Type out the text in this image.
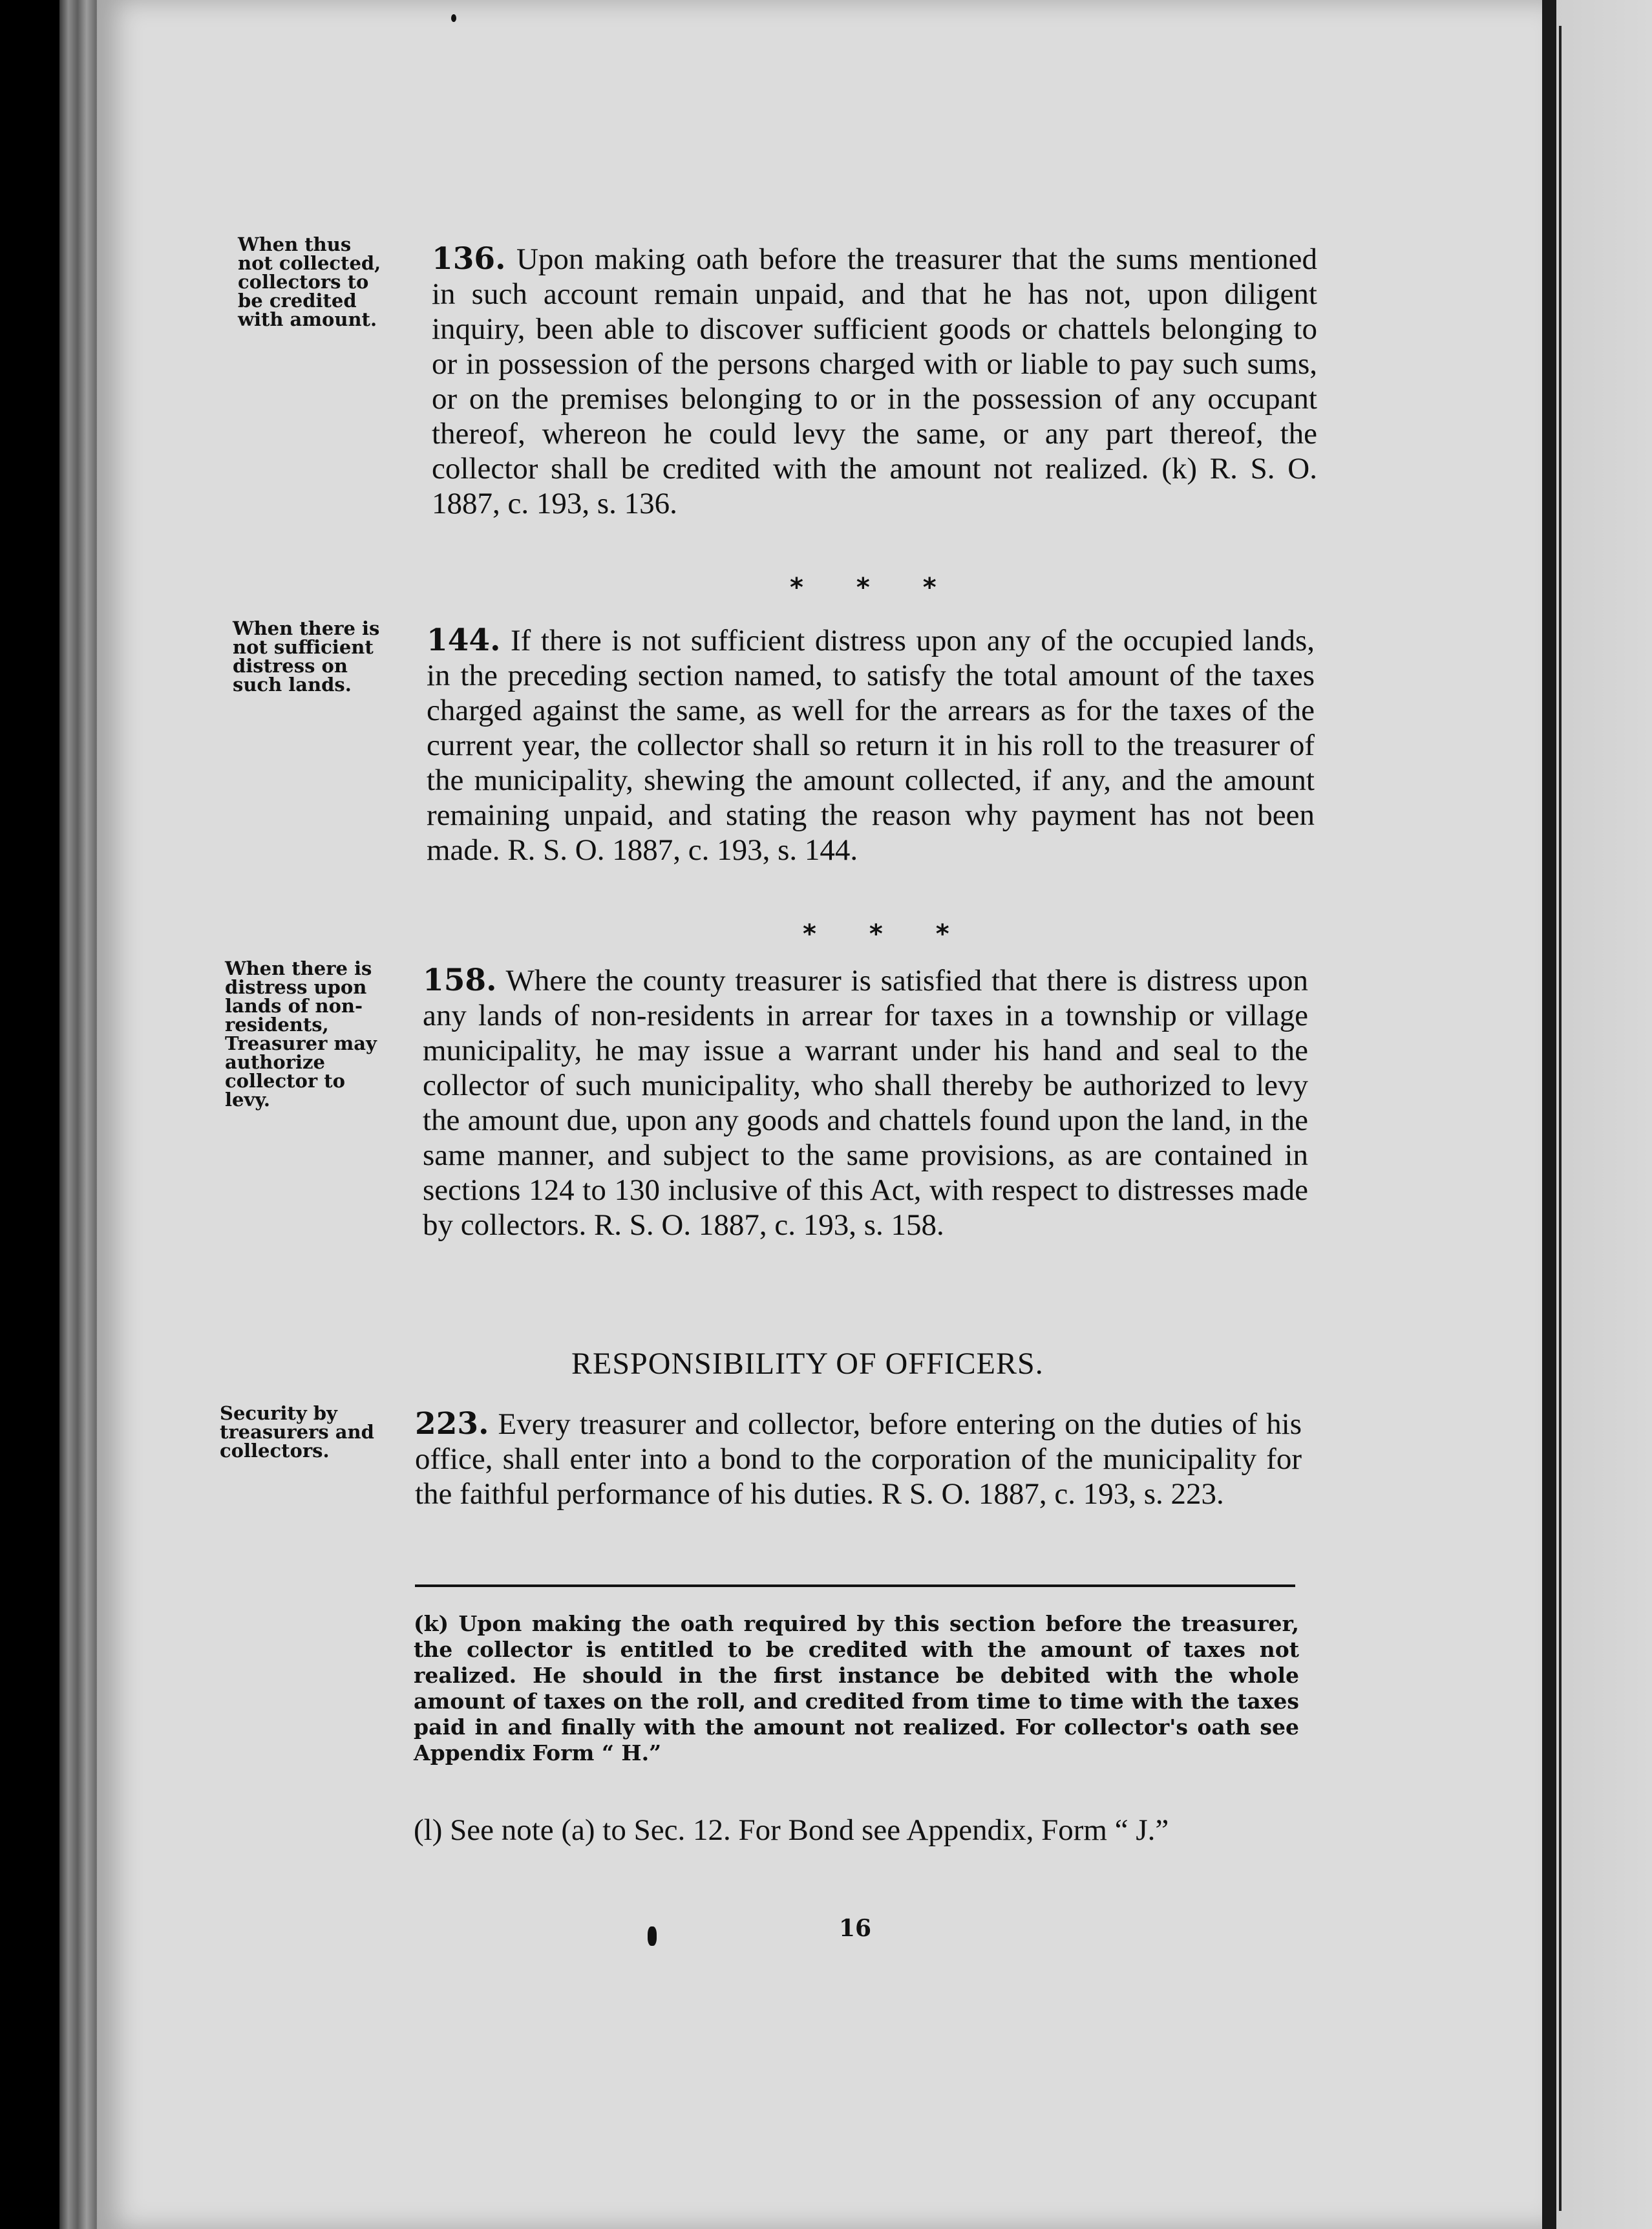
When thus not collected, collectors to be credited with amount.
When there is not sufficient distress on such lands.
When there is distress upon lands of non-residents, Treasurer may authorize collector to levy.
Security by treasurers and collectors.
136. Upon making oath before the treasurer that the sums mentioned in such account remain unpaid, and that he has not, upon diligent inquiry, been able to discover sufficient goods or chattels belonging to or in possession of the persons charged with or liable to pay such sums, or on the premises belonging to or in the possession of any occupant thereof, whereon he could levy the same, or any part thereof, the collector shall be credited with the amount not realized. (k) R. S. O. 1887, c. 193, s. 136.
* * *
144. If there is not sufficient distress upon any of the occupied lands, in the preceding section named, to satisfy the total amount of the taxes charged against the same, as well for the arrears as for the taxes of the current year, the collector shall so return it in his roll to the treasurer of the municipality, shewing the amount collected, if any, and the amount remaining unpaid, and stating the reason why payment has not been made. R. S. O. 1887, c. 193, s. 144.
* * *
158. Where the county treasurer is satisfied that there is distress upon any lands of non-residents in arrear for taxes in a township or village municipality, he may issue a warrant under his hand and seal to the collector of such municipality, who shall thereby be authorized to levy the amount due, upon any goods and chattels found upon the land, in the same manner, and subject to the same provisions, as are contained in sections 124 to 130 inclusive of this Act, with respect to distresses made by collectors. R. S. O. 1887, c. 193, s. 158.
RESPONSIBILITY OF OFFICERS.
223. Every treasurer and collector, before entering on the duties of his office, shall enter into a bond to the corporation of the municipality for the faithful performance of his duties. R S. O. 1887, c. 193, s. 223.
(k) Upon making the oath required by this section before the treasurer, the collector is entitled to be credited with the amount of taxes not realized. He should in the first instance be debited with the whole amount of taxes on the roll, and credited from time to time with the taxes paid in and finally with the amount not realized. For collector's oath see Appendix Form “ H.”
(l) See note (a) to Sec. 12. For Bond see Appendix, Form “ J.”
16
